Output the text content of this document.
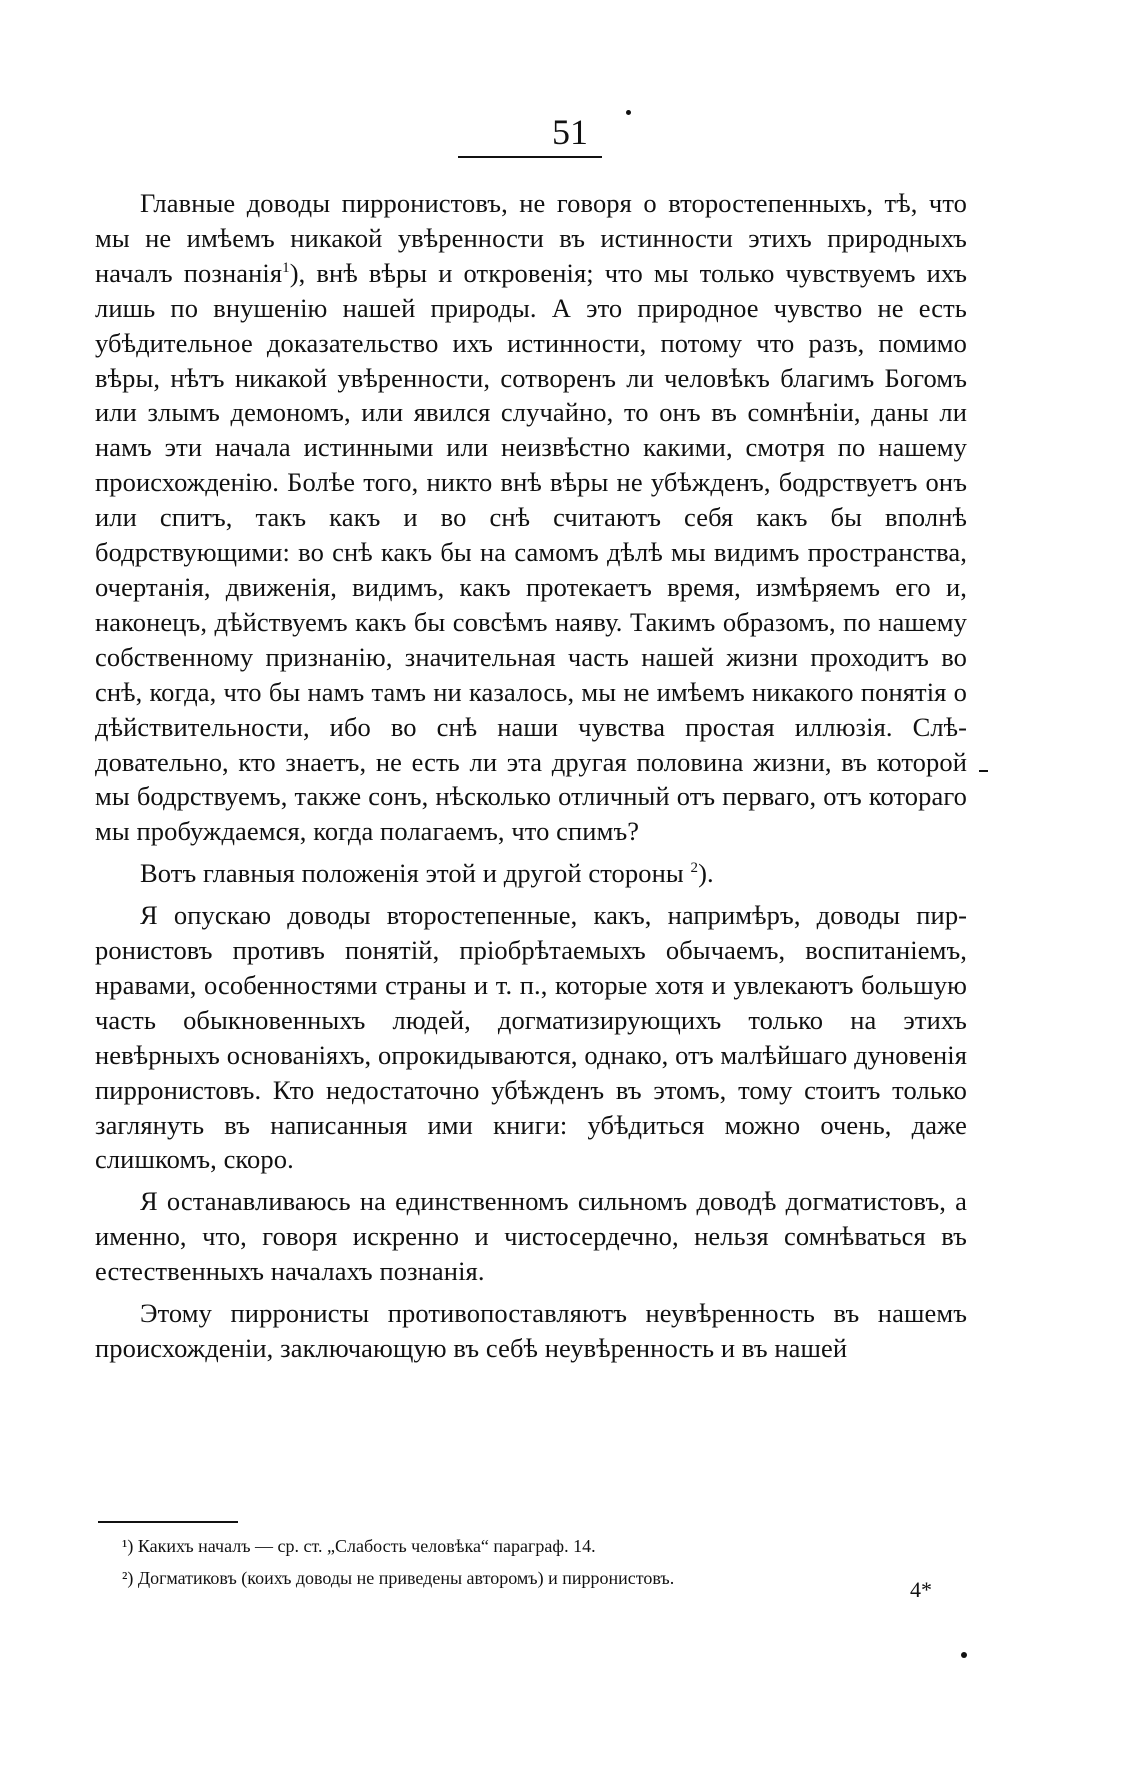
51

Главные доводы пирронистовъ, не говоря о второстепенныхъ, тѣ, что мы не имѣемъ никакой увѣренности въ истинности этихъ природныхъ началъ познанія$^1$), внѣ вѣры и откровенія; что мы только чувствуемъ ихъ лишь по внушенію нашей природы. А это природное чувство не есть убѣдительное доказательство ихъ истинности, потому что разъ, помимо вѣры, нѣтъ никакой увѣренности, сотворенъ ли человѣкъ благимъ Богомъ или злымъ демономъ, или явился случайно, то онъ въ сомнѣніи, даны ли намъ эти начала истинными или неизвѣстно какими, смотря по нашему происхожденію. Болѣе того, никто внѣ вѣры не убѣжденъ, бодрствуетъ онъ или спитъ, такъ какъ и во снѣ считаютъ себя какъ бы вполнѣ бодрствующими: во снѣ какъ бы на самомъ дѣлѣ мы видимъ пространства, очертанія, движенія, видимъ, какъ протекаетъ время, измѣряемъ его и, наконецъ, дѣйствуемъ какъ бы совсѣмъ наяву. Такимъ образомъ, по нашему собственному признанію, значительная часть нашей жизни проходитъ во снѣ, когда, что бы намъ тамъ ни казалось, мы не имѣемъ никакого понятія о дѣйствительности, ибо во снѣ наши чувства простая иллюзія. Слѣдовательно, кто знаетъ, не есть ли эта другая половина жизни, въ которой мы бодрствуемъ, также сонъ, нѣсколько отличный отъ перваго, отъ котораго мы пробуждаемся, когда полагаемъ, что спимъ?

Вотъ главныя положенія этой и другой стороны $^2$).

Я опускаю доводы второстепенные, какъ, напримѣръ, доводы пирронистовъ противъ понятій, пріобрѣтаемыхъ обычаемъ, воспитаніемъ, нравами, особенностями страны и т. п., которые хотя и увлекаютъ большую часть обыкновенныхъ людей, догматизирующихъ только на этихъ невѣрныхъ основаніяхъ, опрокидываются, однако, отъ малѣйшаго дуновенія пирронистовъ. Кто недостаточно убѣжденъ въ этомъ, тому стоитъ только заглянуть въ написанныя ими книги: убѣдиться можно очень, даже слишкомъ, скоро.

Я останавливаюсь на единственномъ сильномъ доводѣ догматистовъ, а именно, что, говоря искренно и чистосердечно, нельзя сомнѣваться въ естественныхъ началахъ познанія.

Этому пирронисты противопоставляютъ неувѣренность въ нашемъ происхожденіи, заключающую въ себѣ неувѣренность и въ нашей

¹) Какихъ началъ — ср. ст. „Слабость человѣка“ параграф. 14.

²) Догматиковъ (коихъ доводы не приведены авторомъ) и пирронистовъ.	4*
